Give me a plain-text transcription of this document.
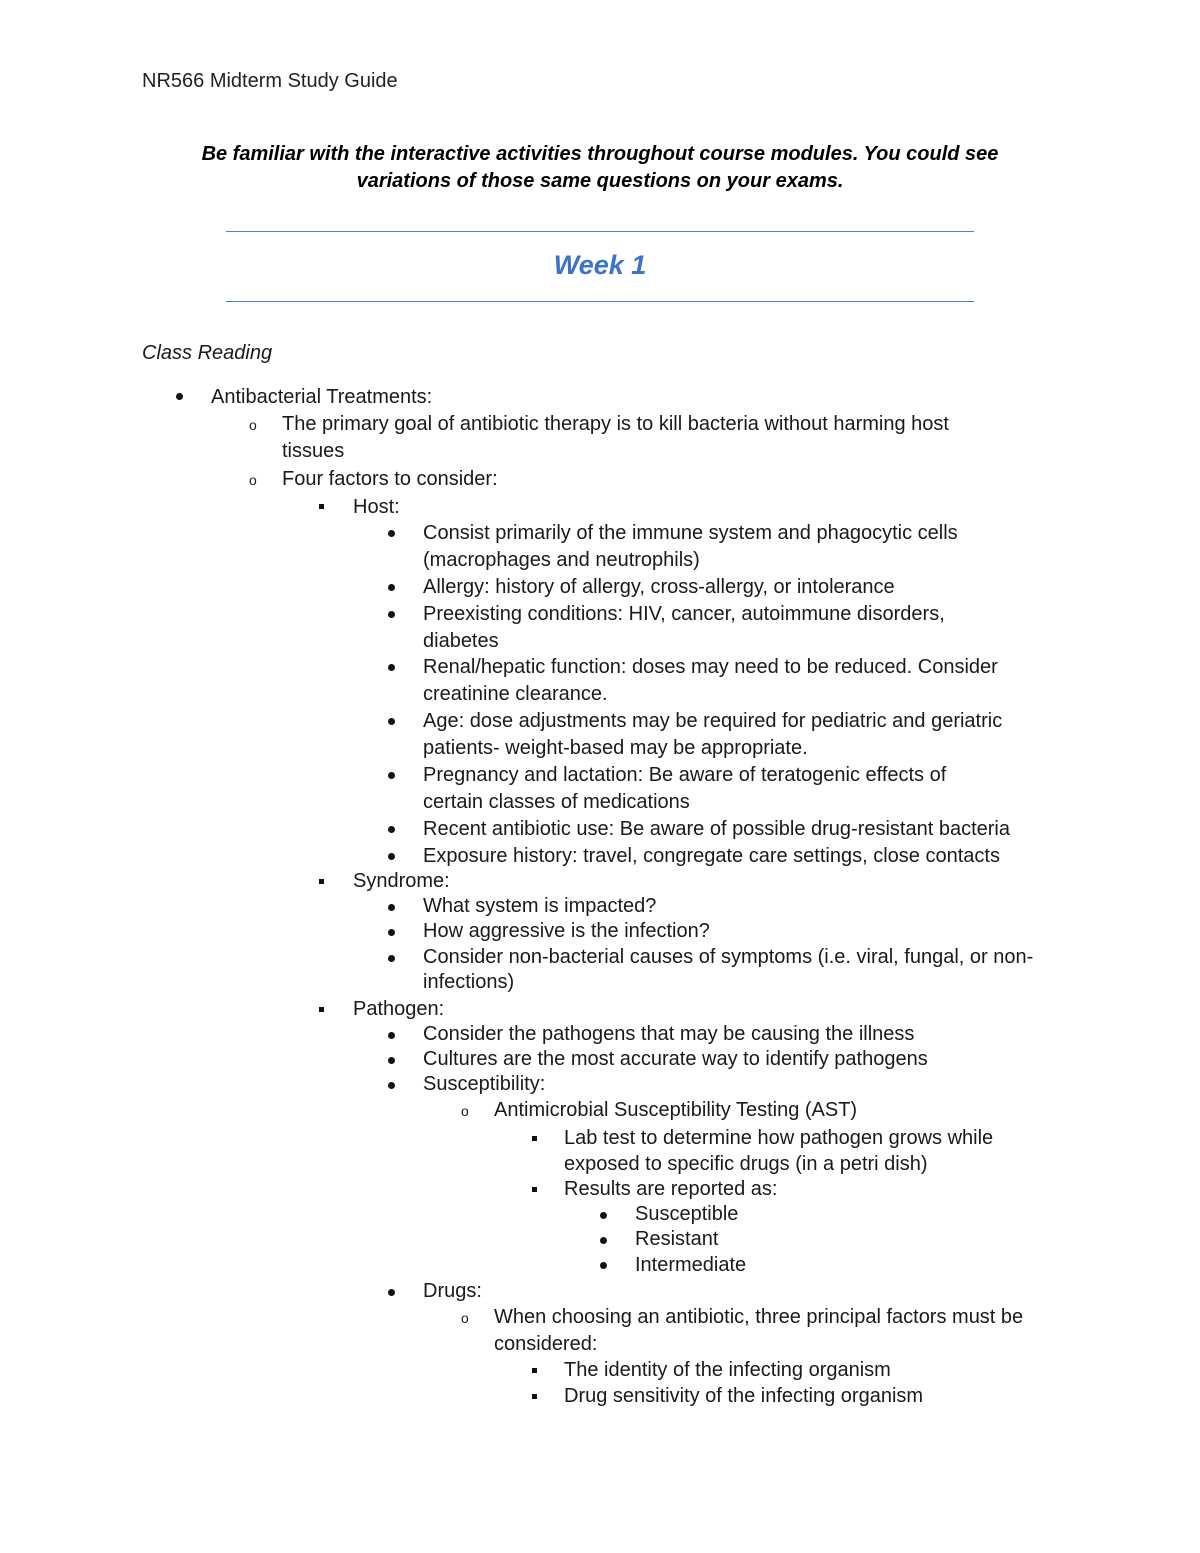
NR566 Midterm Study Guide
Be familiar with the interactive activities throughout course modules. You could see
variations of those same questions on your exams.
Week 1
Class Reading
Antibacterial Treatments:
o The primary goal of antibiotic therapy is to kill bacteria without harming host
tissues
o Four factors to consider:
Host:
Consist primarily of the immune system and phagocytic cells
(macrophages and neutrophils)
Allergy: history of allergy, cross-allergy, or intolerance
Preexisting conditions: HIV, cancer, autoimmune disorders,
diabetes
Renal/hepatic function: doses may need to be reduced. Consider
creatinine clearance.
Age: dose adjustments may be required for pediatric and geriatric
patients- weight-based may be appropriate.
Pregnancy and lactation: Be aware of teratogenic effects of
certain classes of medications
Recent antibiotic use: Be aware of possible drug-resistant bacteria
Exposure history: travel, congregate care settings, close contacts
Syndrome:
What system is impacted?
How aggressive is the infection?
Consider non-bacterial causes of symptoms (i.e. viral, fungal, or non-
infections)
Pathogen:
Consider the pathogens that may be causing the illness
Cultures are the most accurate way to identify pathogens
Susceptibility:
o Antimicrobial Susceptibility Testing (AST)
Lab test to determine how pathogen grows while
exposed to specific drugs (in a petri dish)
Results are reported as:
Susceptible
Resistant
Intermediate
Drugs:
o When choosing an antibiotic, three principal factors must be
considered:
The identity of the infecting organism
Drug sensitivity of the infecting organism
